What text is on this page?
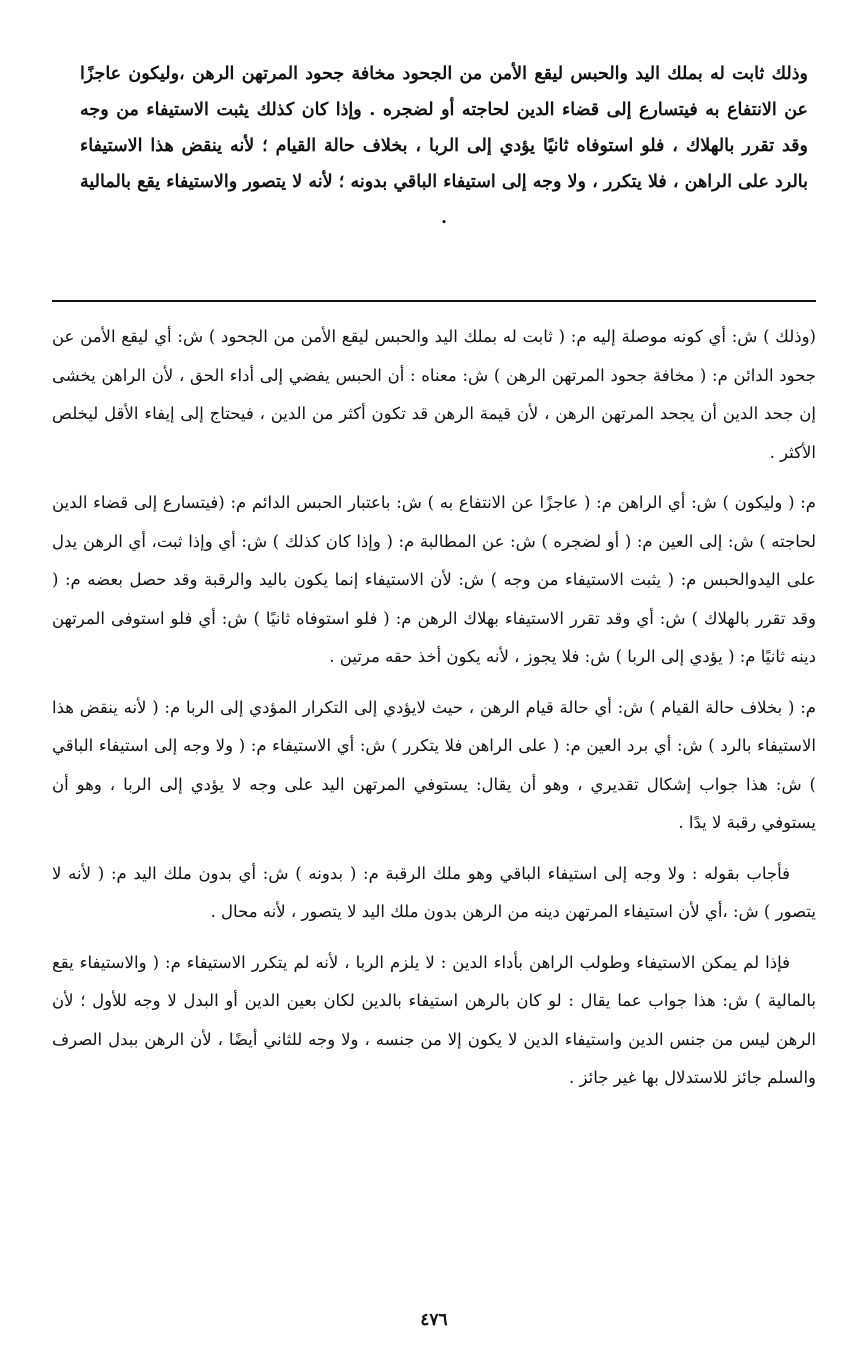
وذلك ثابت له بملك اليد والحبس ليقع الأمن من الجحود مخافة جحود المرتهن الرهن ،وليكون عاجزًا عن الانتفاع به فيتسارع إلى قضاء الدين لحاجته أو لضجره . وإذا كان كذلك يثبت الاستيفاء من وجه وقد تقرر بالهلاك ، فلو استوفاه ثانيًا يؤدي إلى الربا ، بخلاف حالة القيام ؛ لأنه ينقض هذا الاستيفاء بالرد على الراهن ، فلا يتكرر ، ولا وجه إلى استيفاء الباقي بدونه ؛ لأنه لا يتصور والاستيفاء يقع بالمالية .

(وذلك ) ش: أي كونه موصلة إليه م: ( ثابت له بملك اليد والحبس ليقع الأمن من الجحود ) ش: أي ليقع الأمن عن جحود الدائن م: ( مخافة جحود المرتهن الرهن ) ش: معناه : أن الحبس يفضي إلى أداء الحق ، لأن الراهن يخشى إن جحد الدين أن يجحد المرتهن الرهن ، لأن قيمة الرهن قد تكون أكثر من الدين ، فيحتاج إلى إيفاء الأقل ليخلص الأكثر .

م: ( وليكون ) ش: أي الراهن م: ( عاجزًا عن الانتفاع به ) ش: باعتبار الحبس الدائم م: (فيتسارع إلى قضاء الدين لحاجته ) ش: إلى العين م: ( أو لضجره ) ش: عن المطالبة م: ( وإذا كان كذلك ) ش: أي وإذا ثبت، أي الرهن يدل على اليدوالحبس م: ( يثبت الاستيفاء من وجه ) ش: لأن الاستيفاء إنما يكون باليد والرقبة وقد حصل بعضه م: ( وقد تقرر بالهلاك ) ش: أي وقد تقرر الاستيفاء بهلاك الرهن م: ( فلو استوفاه ثانيًا ) ش: أي فلو استوفى المرتهن دينه ثانيًا م: ( يؤدي إلى الربا ) ش: فلا يجوز ، لأنه يكون أخذ حقه مرتين .

م: ( بخلاف حالة القيام ) ش: أي حالة قيام الرهن ، حيث لايؤدي إلى التكرار المؤدي إلى الربا م: ( لأنه ينقض هذا الاستيفاء بالرد ) ش: أي برد العين م: ( على الراهن فلا يتكرر ) ش: أي الاستيفاء م: ( ولا وجه إلى استيفاء الباقي ) ش: هذا جواب إشكال تقديري ، وهو أن يقال: يستوفي المرتهن اليد على وجه لا يؤدي إلى الربا ، وهو أن يستوفي رقبة لا يدًا .

فأجاب بقوله : ولا وجه إلى استيفاء الباقي وهو ملك الرقبة م: ( بدونه ) ش: أي بدون ملك اليد م: ( لأنه لا يتصور ) ش: ،أي لأن استيفاء المرتهن دينه من الرهن بدون ملك اليد لا يتصور ، لأنه محال .

فإذا لم يمكن الاستيفاء وطولب الراهن بأداء الدين : لا يلزم الربا ، لأنه لم يتكرر الاستيفاء م: ( والاستيفاء يقع بالمالية ) ش: هذا جواب عما يقال : لو كان بالرهن استيفاء بالدين لكان بعين الدين أو البدل لا وجه للأول ؛ لأن الرهن ليس من جنس الدين واستيفاء الدين لا يكون إلا من جنسه ، ولا وجه للثاني أيضًا ، لأن الرهن ببدل الصرف والسلم جائز للاستدلال بها غير جائز .

٤٧٦
